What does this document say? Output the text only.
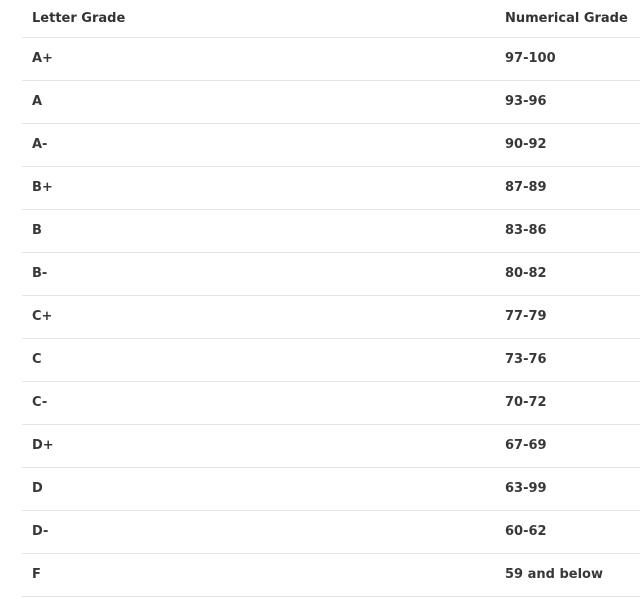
Letter Grade	Numerical Grade
A+	97-100
A	93-96
A-	90-92
B+	87-89
B	83-86
B-	80-82
C+	77-79
C	73-76
C-	70-72
D+	67-69
D	63-99
D-	60-62
F	59 and below
